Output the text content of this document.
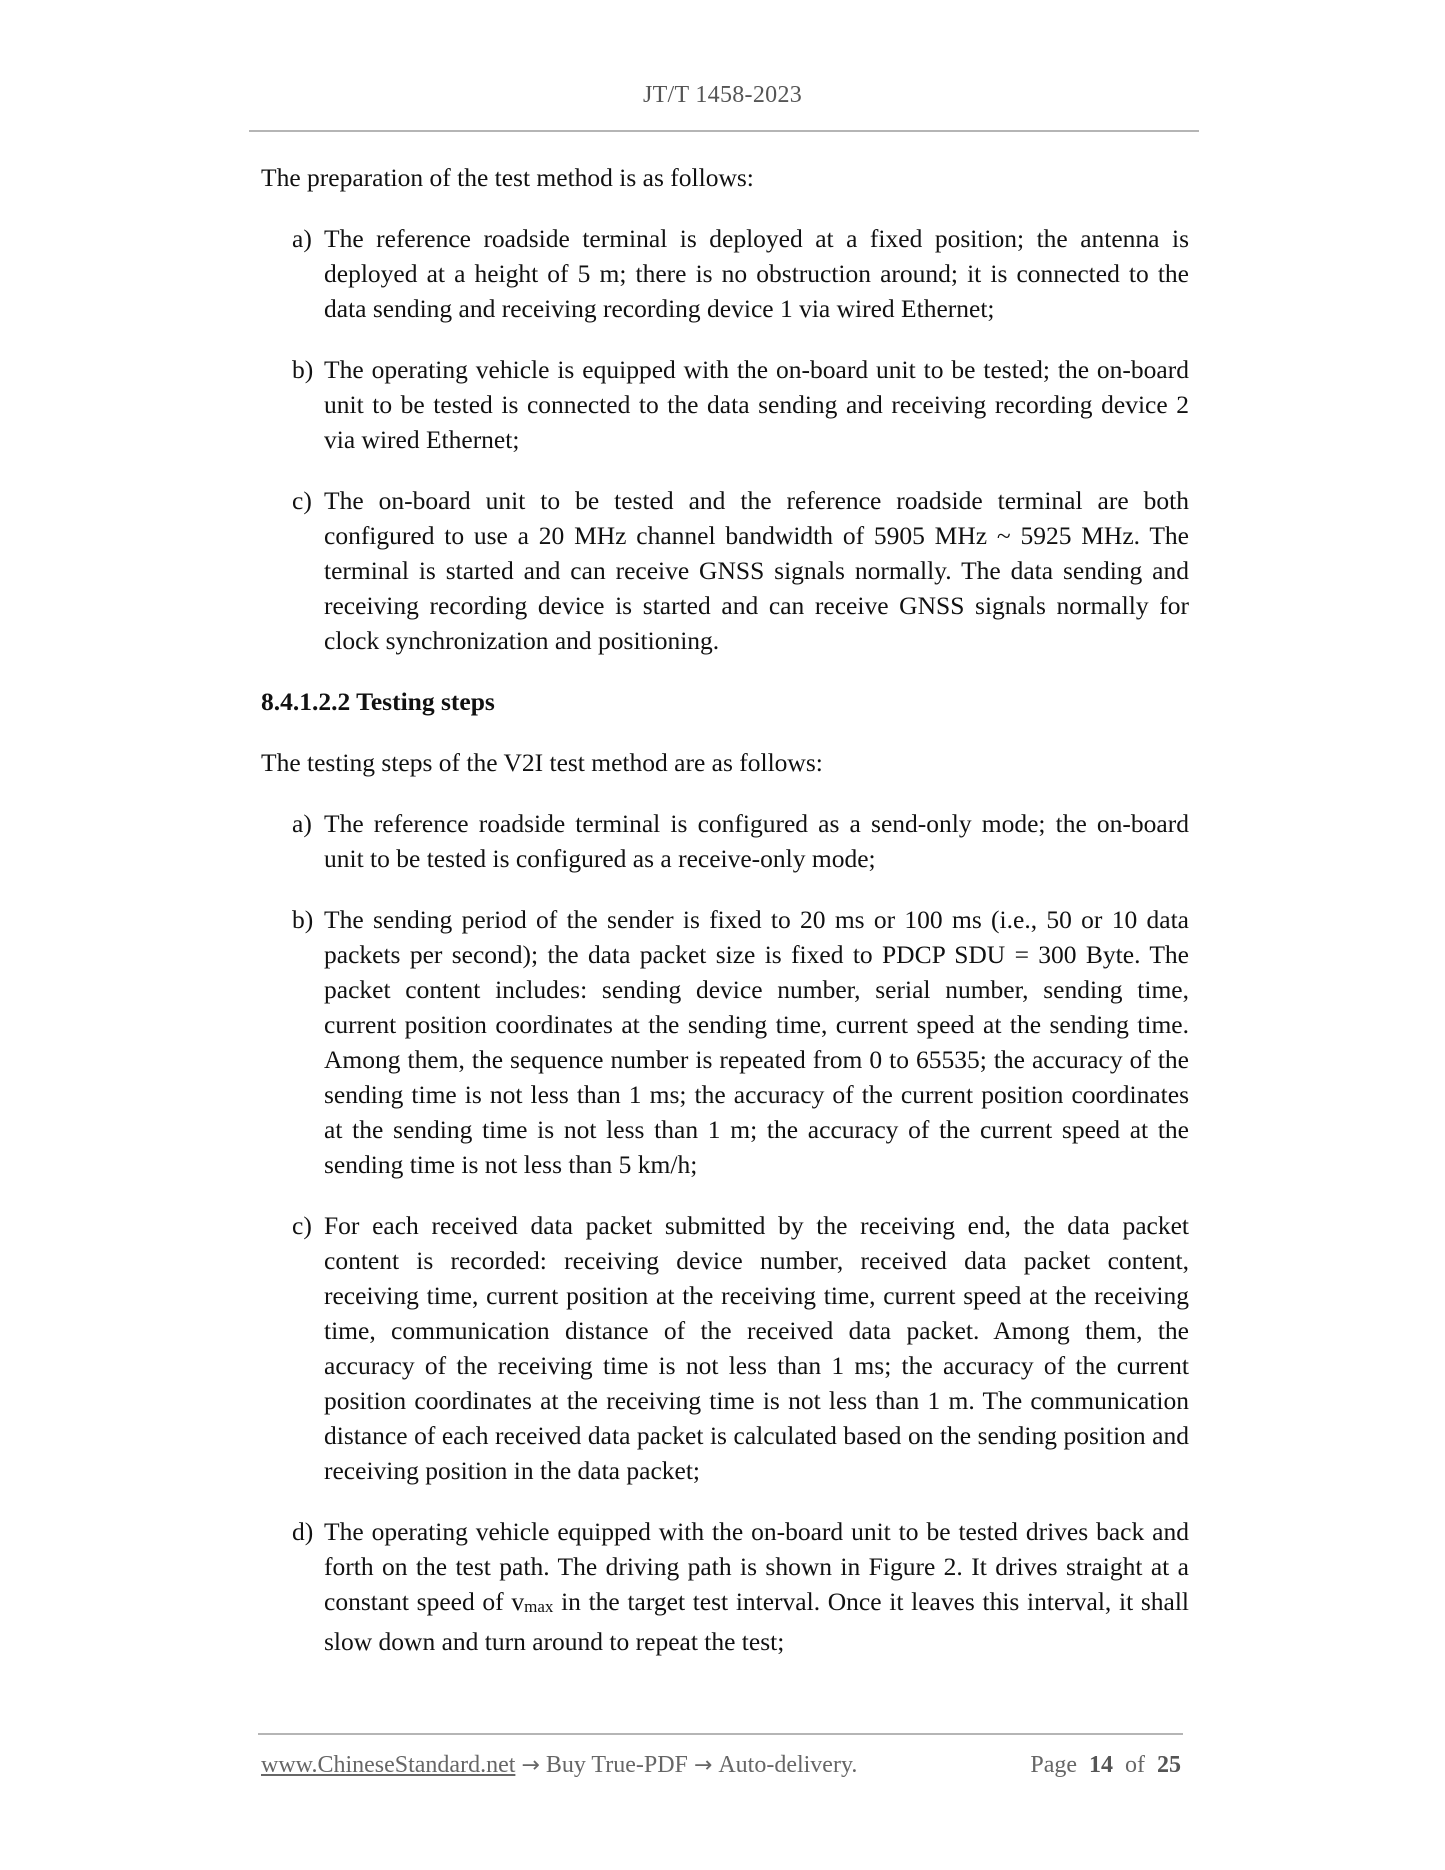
JT/T 1458-2023

The preparation of the test method is as follows:

a) The reference roadside terminal is deployed at a fixed position; the antenna is deployed at a height of 5 m; there is no obstruction around; it is connected to the data sending and receiving recording device 1 via wired Ethernet;
b) The operating vehicle is equipped with the on-board unit to be tested; the on-board unit to be tested is connected to the data sending and receiving recording device 2 via wired Ethernet;
c) The on-board unit to be tested and the reference roadside terminal are both configured to use a 20 MHz channel bandwidth of 5905 MHz ~ 5925 MHz. The terminal is started and can receive GNSS signals normally. The data sending and receiving recording device is started and can receive GNSS signals normally for clock synchronization and positioning.
8.4.1.2.2 Testing steps

The testing steps of the V2I test method are as follows:

a) The reference roadside terminal is configured as a send-only mode; the on-board unit to be tested is configured as a receive-only mode;
b) The sending period of the sender is fixed to 20 ms or 100 ms (i.e., 50 or 10 data packets per second); the data packet size is fixed to PDCP SDU = 300 Byte. The packet content includes: sending device number, serial number, sending time, current position coordinates at the sending time, current speed at the sending time. Among them, the sequence number is repeated from 0 to 65535; the accuracy of the sending time is not less than 1 ms; the accuracy of the current position coordinates at the sending time is not less than 1 m; the accuracy of the current speed at the sending time is not less than 5 km/h;
c) For each received data packet submitted by the receiving end, the data packet content is recorded: receiving device number, received data packet content, receiving time, current position at the receiving time, current speed at the receiving time, communication distance of the received data packet. Among them, the accuracy of the receiving time is not less than 1 ms; the accuracy of the current position coordinates at the receiving time is not less than 1 m. The communication distance of each received data packet is calculated based on the sending position and receiving position in the data packet;
d) The operating vehicle equipped with the on-board unit to be tested drives back and forth on the test path. The driving path is shown in Figure 2. It drives straight at a constant speed of vmax in the target test interval. Once it leaves this interval, it shall slow down and turn around to repeat the test;
www.ChineseStandard.net → Buy True-PDF → Auto-delivery.	Page 14 of 25
